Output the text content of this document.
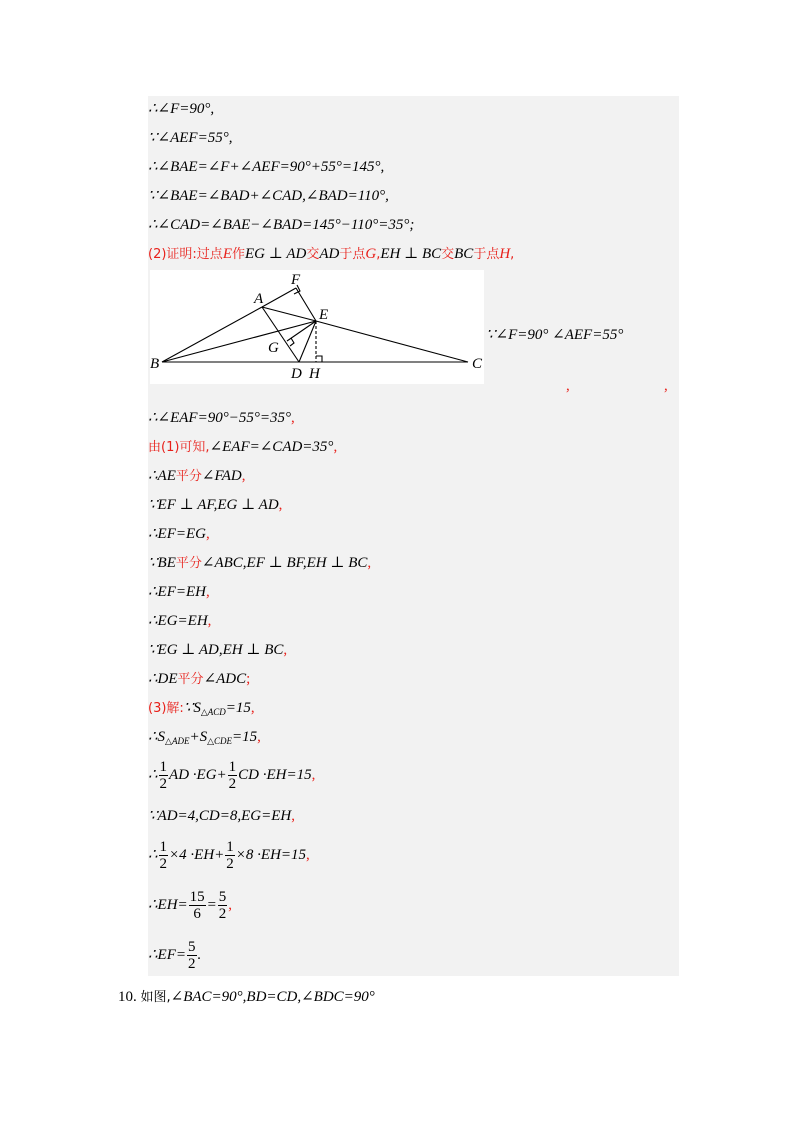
∴∠F=90°,
∵∠AEF=55°,
∴∠BAE=∠F+∠AEF=90°+55°=145°,
∵∠BAE=∠BAD+∠CAD,∠BAD=110°,
∴∠CAD=∠BAE−∠BAD=145°−110°=35°;
(2)证明:过点E作EG ⊥ AD交AD于点G,EH ⊥ BC交BC于点H,
A
F
E
G
B
D H
C
∵∠F=90° ∠AEF=55°
,	,
∴∠EAF=90°−55°=35°,
由(1)可知,∠EAF=∠CAD=35°,
∴AE平分∠FAD,
∵EF ⊥ AF,EG ⊥ AD,
∴EF=EG,
∵BE平分∠ABC,EF ⊥ BF,EH ⊥ BC,
∴EF=EH,
∴EG=EH,
∵EG ⊥ AD,EH ⊥ BC,
∴DE平分∠ADC;
(3)解$:\because S_{\triangle ACD}=15$,
$\therefore S_{\triangle ADE}+S_{\triangle CDE}=15$,
∴ $\frac{1}{2}$ AD $\cdot EG+ \frac{1}{2}$ CD ·EH=15,
∵AD=4,CD=8,EG=EH,
∴ $\frac{1}{2} \times 4 \cdot EH+ \frac{1}{2} \times 8 \cdot EH=15$,
∴EH= $\frac{15}{6} = \frac{5}{2}$ ,
∴EF= $\frac{5}{2}$ .
10. 如图,∠BAC=90°,BD=CD,∠BDC=90°
